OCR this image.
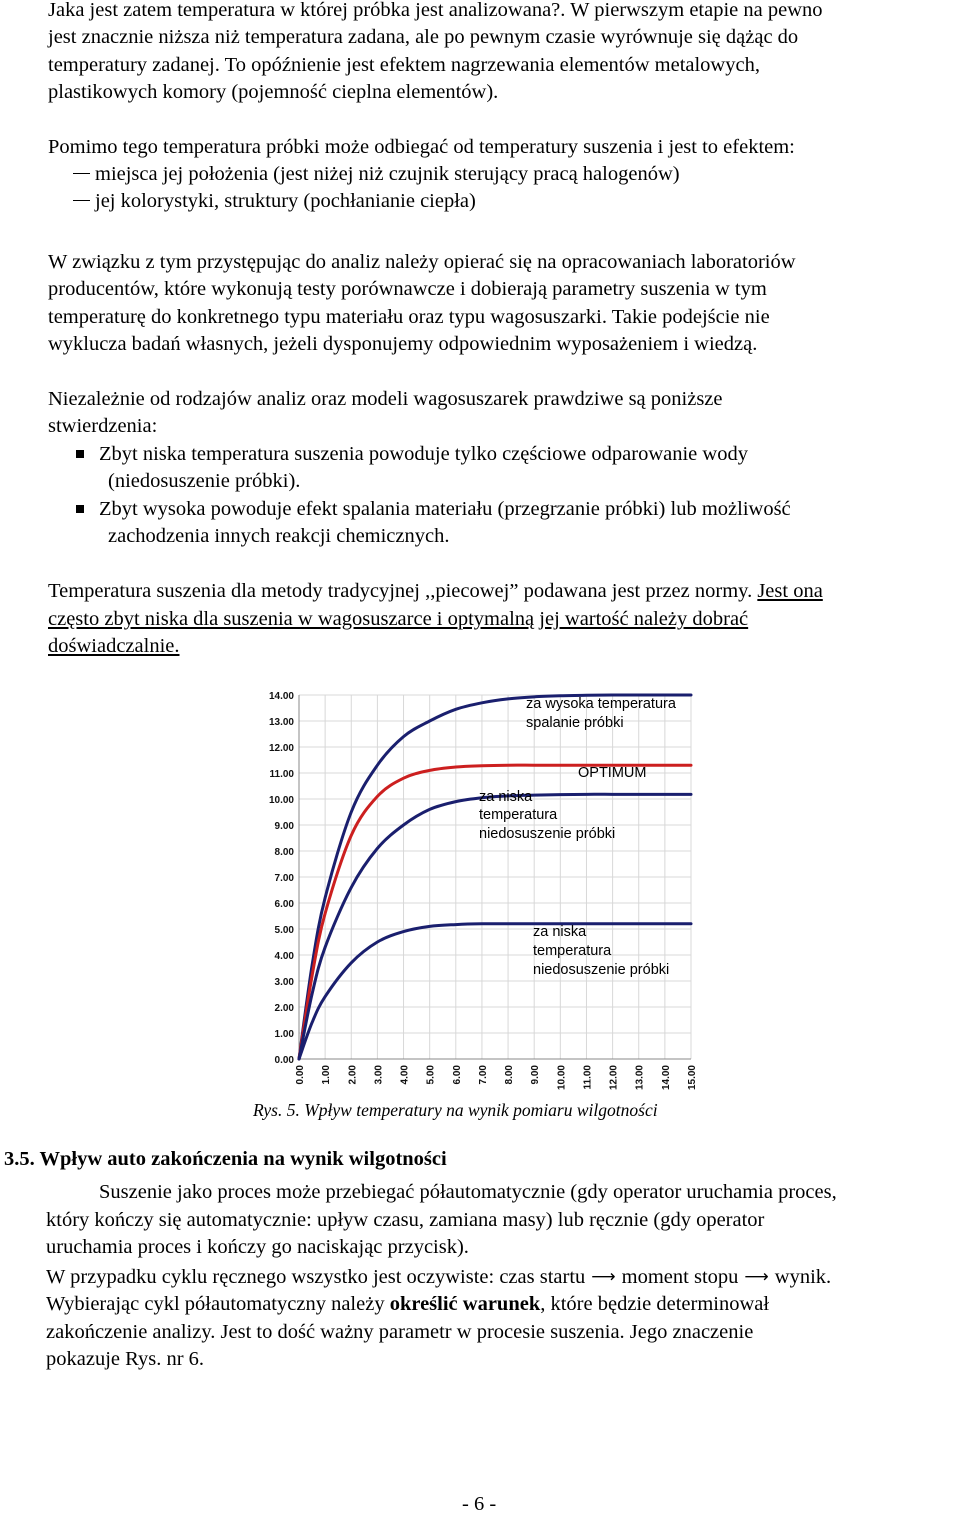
Jaka jest zatem temperatura w której próbka jest analizowana?. W pierwszym etapie na pewno

jest znacznie niższa niż temperatura zadana, ale po pewnym czasie wyrównuje się dążąc do

temperatury zadanej. To opóźnienie jest efektem nagrzewania elementów metalowych,

plastikowych komory (pojemność cieplna elementów).

Pomimo tego temperatura próbki może odbiegać od temperatury suszenia i jest to efektem:

miejsca jej położenia (jest niżej niż czujnik sterujący pracą halogenów)

jej kolorystyki, struktury (pochłanianie ciepła)

W związku z tym przystępując do analiz należy opierać się na opracowaniach laboratoriów

producentów, które wykonują testy porównawcze i dobierają parametry suszenia w tym

temperaturę do konkretnego typu materiału oraz typu wagosuszarki. Takie podejście nie

wyklucza badań własnych, jeżeli dysponujemy odpowiednim wyposażeniem i wiedzą.

Niezależnie od rodzajów analiz oraz modeli wagosuszarek prawdziwe są poniższe

stwierdzenia:

Zbyt niska temperatura suszenia powoduje tylko częściowe odparowanie wody

(niedosuszenie próbki).

Zbyt wysoka powoduje efekt spalania materiału (przegrzanie próbki) lub możliwość

zachodzenia innych reakcji chemicznych.

Temperatura suszenia dla metody tradycyjnej ,,piecowej” podawana jest przez normy. Jest ona

często zbyt niska dla suszenia w wagosuszarce i optymalną jej wartość należy dobrać

doświadczalnie.

0.00
1.00
2.00
3.00
4.00
5.00
6.00
7.00
8.00
9.00
10.00
11.00
12.00
13.00
14.00
0.00 1.00 2.00 3.00 4.00 5.00 6.00 7.00 8.00 9.00 10.00 11.00 12.00 13.00 14.00 15.00
za wysoka temperatura
spalanie próbki
OPTIMUM
za niska
temperatura
niedosuszenie próbki
za niska
temperatura
niedosuszenie próbki
Rys. 5. Wpływ temperatury na wynik pomiaru wilgotności
3.5. Wpływ auto zakończenia na wynik wilgotności

Suszenie jako proces może przebiegać półautomatycznie (gdy operator uruchamia proces,

który kończy się automatycznie: upływ czasu, zamiana masy) lub ręcznie (gdy operator

uruchamia proces i kończy go naciskając przycisk).

W przypadku cyklu ręcznego wszystko jest oczywiste: czas startu ⟶ moment stopu ⟶ wynik.

Wybierając cykl półautomatyczny należy określić warunek, które będzie determinował

zakończenie analizy. Jest to dość ważny parametr w procesie suszenia. Jego znaczenie

pokazuje Rys. nr 6.

- 6 -
